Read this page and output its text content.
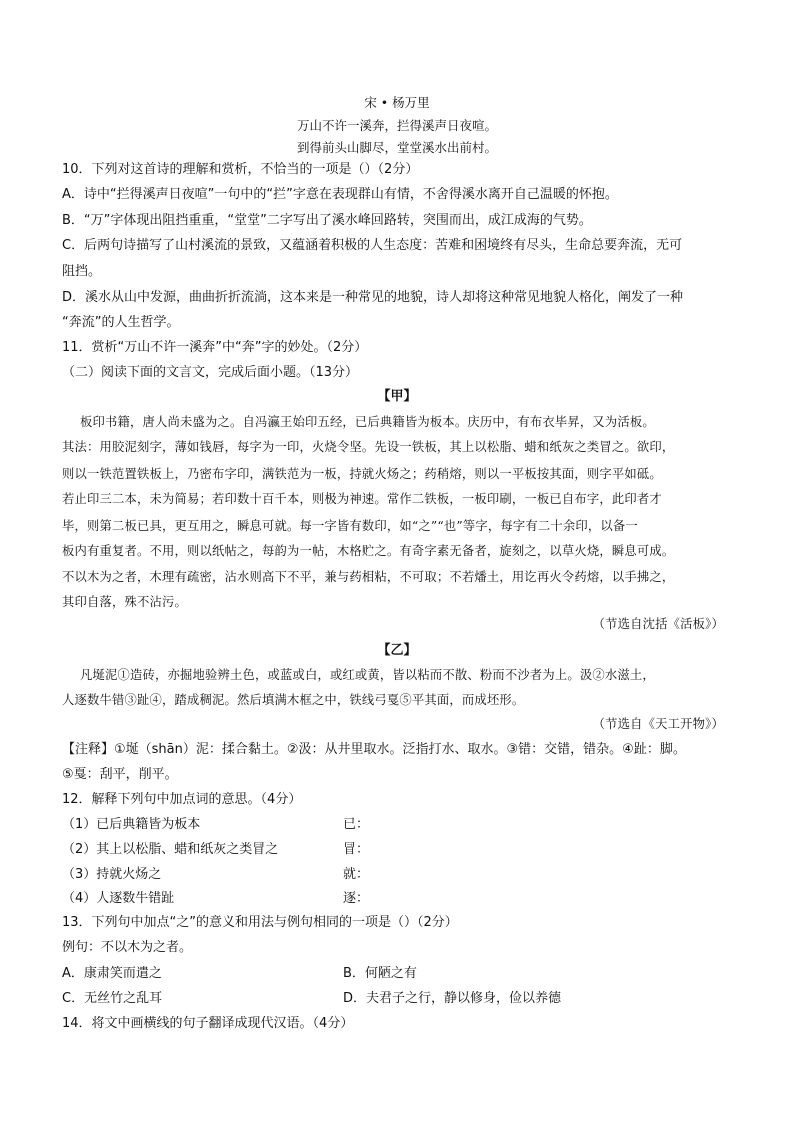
宋 • 杨万里
万山不许一溪奔，拦得溪声日夜喧。
到得前头山脚尽，堂堂溪水出前村。
10．下列对这首诗的理解和赏析，不恰当的一项是（）（2分）
A．诗中“拦得溪声日夜喧”一句中的“拦”字意在表现群山有情，不舍得溪水离开自己温暖的怀抱。
B．“万”字体现出阻挡重重，“堂堂”二字写出了溪水峰回路转，突围而出，成江成海的气势。
C．后两句诗描写了山村溪流的景致，又蕴涵着积极的人生态度：苦难和困境终有尽头，生命总要奔流，无可
阻挡。
D．溪水从山中发源，曲曲折折流淌，这本来是一种常见的地貌，诗人却将这种常见地貌人格化，阐发了一种
“奔流”的人生哲学。
11．赏析“万山不许一溪奔”中“奔”字的妙处。（2分）
（二）阅读下面的文言文，完成后面小题。（13分）
【甲】
板印书籍，唐人尚未盛为之。自冯瀛王始印五经，已后典籍皆为板本。庆历中，有布衣毕昇，又为活板。
其法：用胶泥刻字，薄如钱唇，每字为一印，火烧令坚。先设一铁板，其上以松脂、蜡和纸灰之类冒之。欲印，
则以一铁范置铁板上，乃密布字印，满铁范为一板，持就火炀之；药稍熔，则以一平板按其面，则字平如砥。
若止印三二本，未为简易；若印数十百千本，则极为神速。常作二铁板，一板印刷，一板已自布字，此印者才
毕，则第二板已具，更互用之，瞬息可就。每一字皆有数印，如“之”“也”等字，每字有二十余印，以备一
板内有重复者。不用，则以纸帖之，每韵为一帖，木格贮之。有奇字素无备者，旋刻之，以草火烧，瞬息可成。
不以木为之者，木理有疏密，沾水则高下不平，兼与药相粘，不可取；不若燔土，用讫再火令药熔，以手拂之，
其印自落，殊不沾污。
（节选自沈括《活板》）
【乙】
凡埏泥①造砖，亦掘地验辨土色，或蓝或白，或红或黄，皆以粘而不散、粉而不沙者为上。汲②水滋土，
人逐数牛错③趾④，踏成稠泥。然后填满木框之中，铁线弓戛⑤平其面，而成坯形。
（节选自《天工开物》）
【注释】①埏（shān）泥：揉合黏土。②汲：从井里取水。泛指打水、取水。③错：交错，错杂。④趾：脚。
⑤戛：刮平，削平。
12．解释下列句中加点词的意思。（4分）
（1）已后典籍皆为板本	已：
（2）其上以松脂、蜡和纸灰之类冒之	冒：
（3）持就火炀之	就：
（4）人逐数牛错趾	逐：
13．下列句中加点“之”的意义和用法与例句相同的一项是（）（2分）
例句：不以木为之者。
A．康肃笑而遣之	B．何陋之有
C．无丝竹之乱耳	D．夫君子之行，静以修身，俭以养德
14．将文中画横线的句子翻译成现代汉语。（4分）
